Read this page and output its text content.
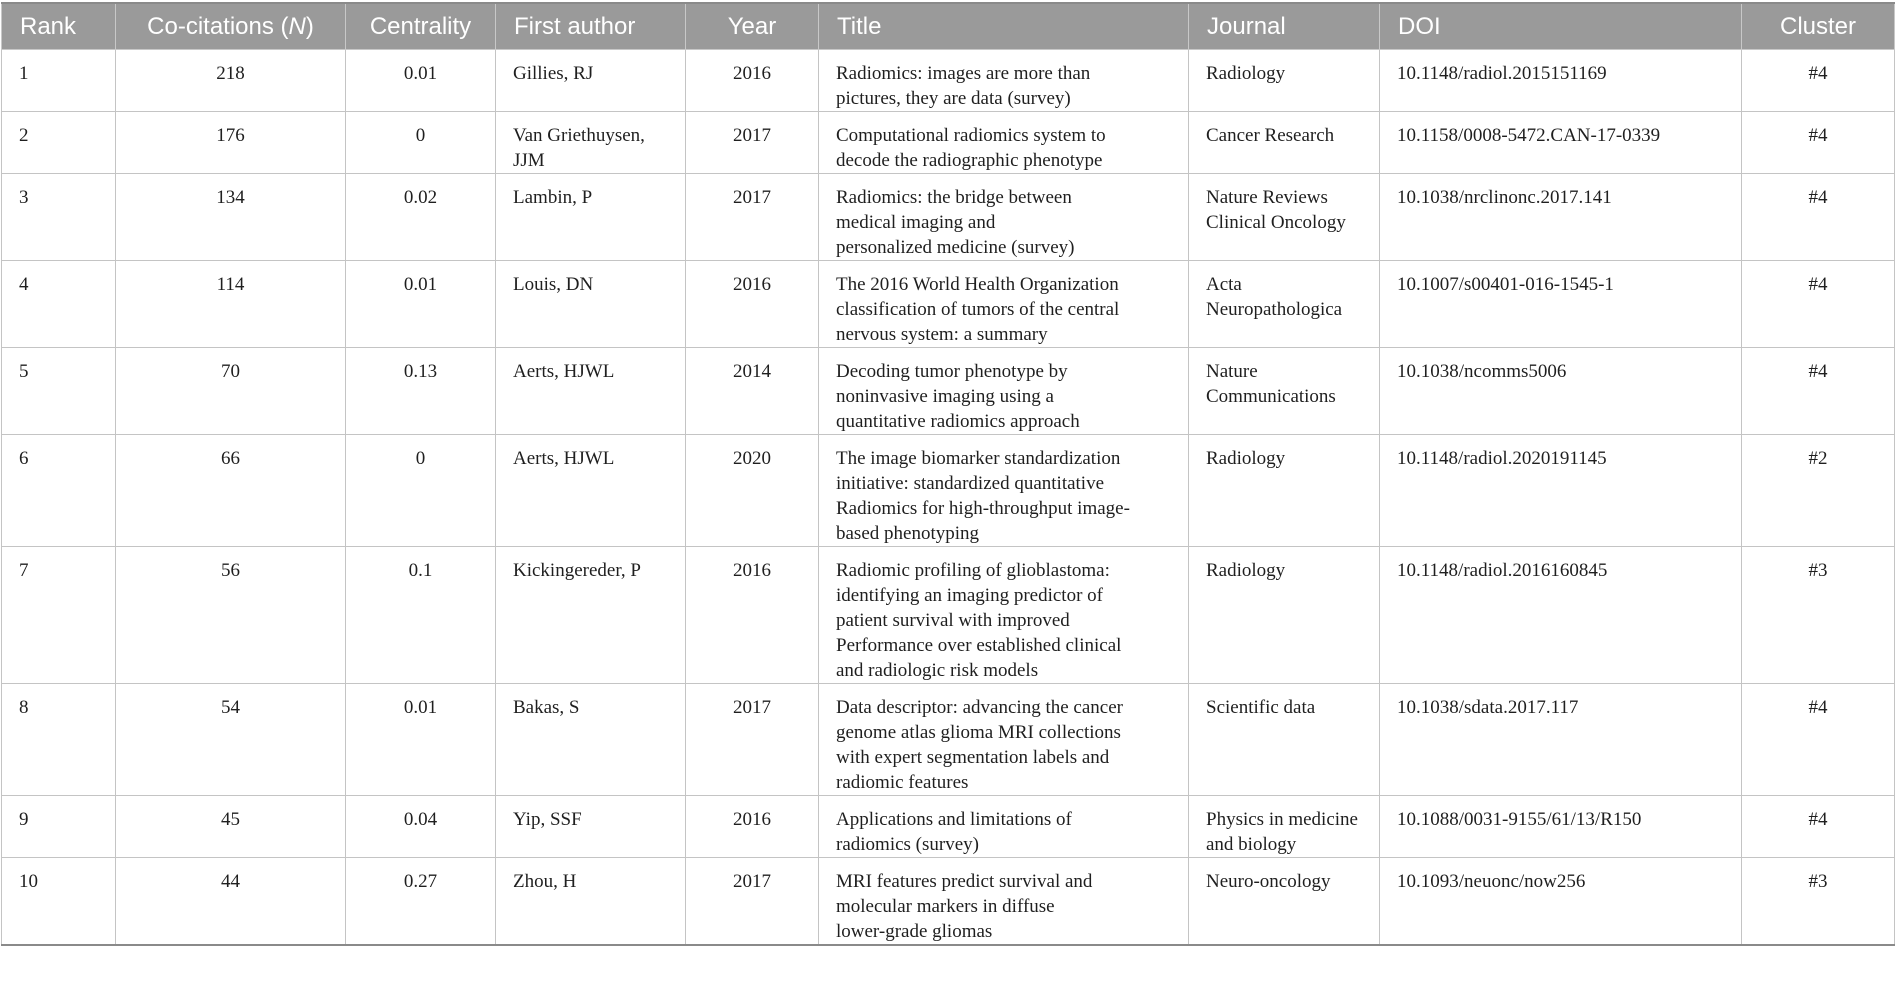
Rank	Co-citations (N)	Centrality	First author	Year	Title	Journal	DOI	Cluster
1	218	0.01	Gillies, RJ	2016	Radiomics: images are more than
pictures, they are data (survey)	Radiology	10.1148/radiol.2015151169	#4
2	176	0	Van Griethuysen,
JJM	2017	Computational radiomics system to
decode the radiographic phenotype	Cancer Research	10.1158/0008-5472.CAN-17-0339	#4
3	134	0.02	Lambin, P	2017	Radiomics: the bridge between
medical imaging and
personalized medicine (survey)	Nature Reviews
Clinical Oncology	10.1038/nrclinonc.2017.141	#4
4	114	0.01	Louis, DN	2016	The 2016 World Health Organization
classification of tumors of the central
nervous system: a summary	Acta
Neuropathologica	10.1007/s00401-016-1545-1	#4
5	70	0.13	Aerts, HJWL	2014	Decoding tumor phenotype by
noninvasive imaging using a
quantitative radiomics approach	Nature
Communications	10.1038/ncomms5006	#4
6	66	0	Aerts, HJWL	2020	The image biomarker standardization
initiative: standardized quantitative
Radiomics for high-throughput image-
based phenotyping	Radiology	10.1148/radiol.2020191145	#2
7	56	0.1	Kickingereder, P	2016	Radiomic profiling of glioblastoma:
identifying an imaging predictor of
patient survival with improved
Performance over established clinical
and radiologic risk models	Radiology	10.1148/radiol.2016160845	#3
8	54	0.01	Bakas, S	2017	Data descriptor: advancing the cancer
genome atlas glioma MRI collections
with expert segmentation labels and
radiomic features	Scientific data	10.1038/sdata.2017.117	#4
9	45	0.04	Yip, SSF	2016	Applications and limitations of
radiomics (survey)	Physics in medicine
and biology	10.1088/0031-9155/61/13/R150	#4
10	44	0.27	Zhou, H	2017	MRI features predict survival and
molecular markers in diffuse
lower-grade gliomas	Neuro-oncology	10.1093/neuonc/now256	#3
